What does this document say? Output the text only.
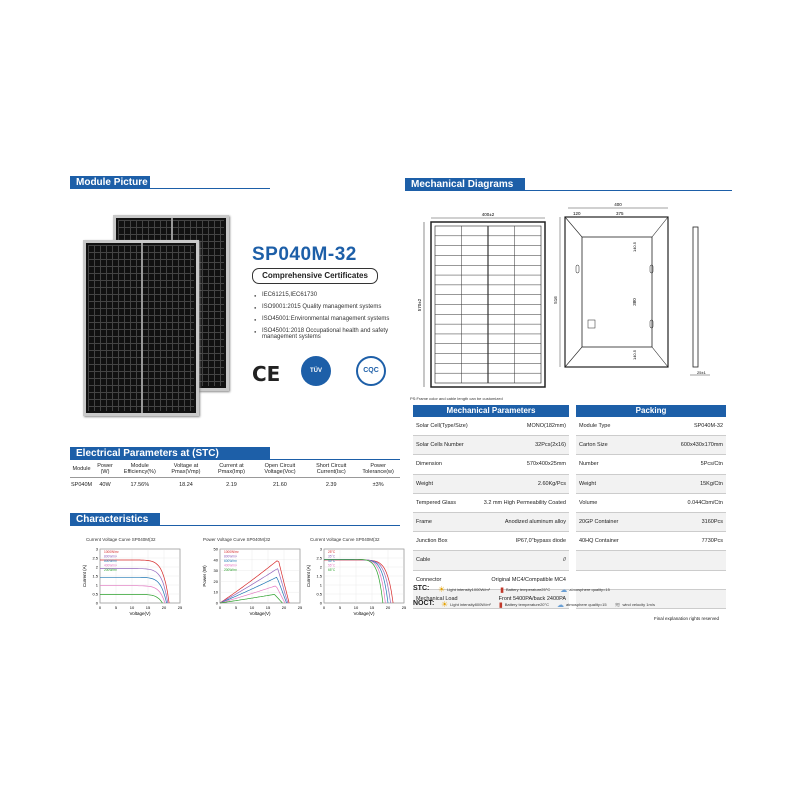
Module Picture	Mechanical Diagrams
SP040M-32
Comprehensive Certificates
● IEC61215,IEC61730
● ISO9001:2015 Quality management systems
● ISO45001:Environmental management systems
● ISO45001:2018 Occupational health and safety management systems
CE	TÜV	CQC
Electrical Parameters at (STC)
Module	Power (W)	Module Efficiency(%)	Voltage at Pmax(Vmp)	Current at Pmax(Imp)	Open Circuit Voltage(Voc)	Short Circuit Current(Isc)	Power Tolerance(w)
SP040M	40W	17.56%	18.24	2.19	21.60	2.39	±3%
Characteristics
Current Voltage Curve SP040M(32
0	5	10	15	20	25
0
0.5
1
1.5
2
2.5
3
Voltage(V)
Current (A)
1000W/m²
800W/m²
600W/m²
400W/m²
200W/m²
Power Voltage Curve SP040M(32
0	5	10	15	20	25
0
10
20
30
40
50
Voltage(V)
Power (W)
1000W/m²
800W/m²
600W/m²
400W/m²
200W/m²
Current Voltage Curve SP040M(32
0	5	10	15	20	25
0
0.5
1
1.5
2
2.5
3
Voltage(V)
Current (A)
25°C
35°C
45°C
55°C
65°C
400±2
570±2
400
120	375
516	380
140.5
140.5
25±1
PS:Frame color and cable length can be customized
Mechanical Parameters
Solar Cell(Type/Size)	MONO(182mm)
Solar Cells Number	32Pcs(2x16)
Dimension	570x400x25mm
Weight	2.60Kg/Pcs
Tempered Glass	3.2 mm High Permeability Coated
Frame	Anodized aluminum alloy
Junction Box	IP67,0"bypass diode
Cable	//
Connector	Original MC4/Compatible MC4
Mechanical Load	Front 5400PA/back 2400PA
Packing
Module Type	SP040M-32
Carton Size	600x430x170mm
Number	5Pcs/Ctn
Weight	15Kg/Ctn
Volume	0.044Cbm/Ctn
20GP Container	3160Pcs
40HQ Container	7730Pcs
STC: ☀ Light intensity1000W/m² ▮ Battery temperature25°C ☁ atmosphere quality=15
NOCT: ☀ Light intensity800W/m² ▮ Battery temperature20°C ☁ atmosphere quality=15 ≋ wind velocity 1m/s
Final explanation rights reserved
